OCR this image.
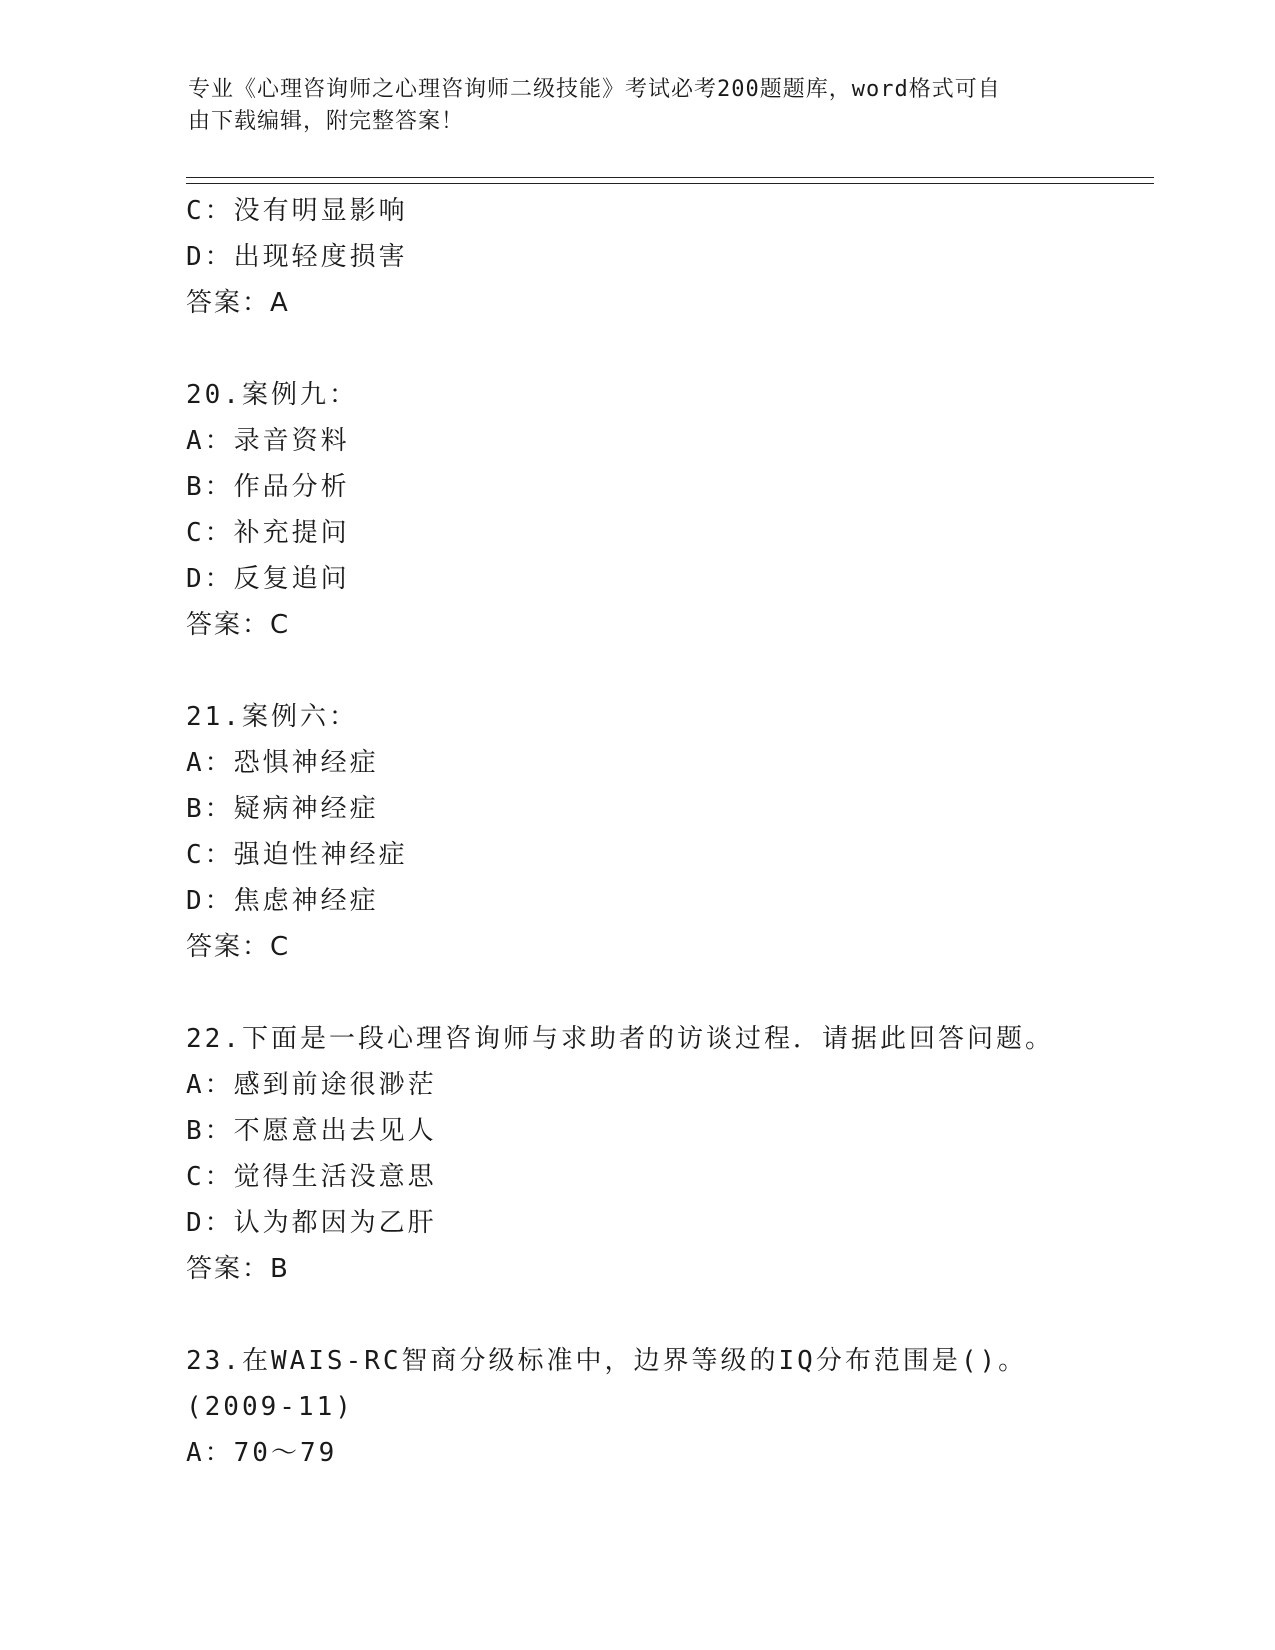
专业《心理咨询师之心理咨询师二级技能》考试必考200题题库，word格式可自
由下载编辑，附完整答案！
C：没有明显影响
D：出现轻度损害
答案：A
20.案例九：
A：录音资料
B：作品分析
C：补充提问
D：反复追问
答案：C
21.案例六：
A：恐惧神经症
B：疑病神经症
C：强迫性神经症
D：焦虑神经症
答案：C
22.下面是一段心理咨询师与求助者的访谈过程．请据此回答问题。
A：感到前途很渺茫
B：不愿意出去见人
C：觉得生活没意思
D：认为都因为乙肝
答案：B
23.在WAIS-RC智商分级标准中，边界等级的IQ分布范围是()。
(2009-11)
A：70～79
